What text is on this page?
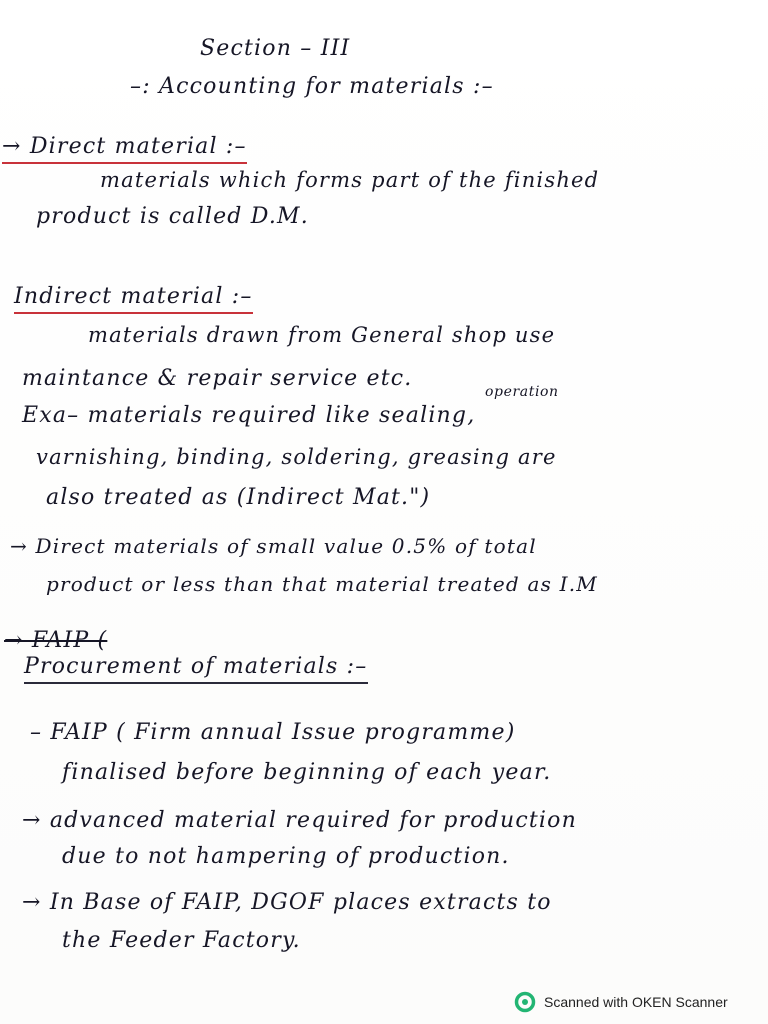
Section – III
–: Accounting for materials :–
→ Direct material :–
materials which forms part of the finished
product is called D.M.
Indirect material :–
materials drawn from General shop use
maintance & repair service etc.
operation
Exa– materials required like sealing,
varnishing, binding, soldering, greasing are
also treated as (Indirect Mat.")
→ Direct materials of small value 0.5% of total
product or less than that material treated as I.M
→ FAIP (
Procurement of materials :–
– FAIP ( Firm annual Issue programme)
finalised before beginning of each year.
→ advanced material required for production
due to not hampering of production.
→ In Base of FAIP, DGOF places extracts to
the Feeder Factory.
Scanned with OKEN Scanner
